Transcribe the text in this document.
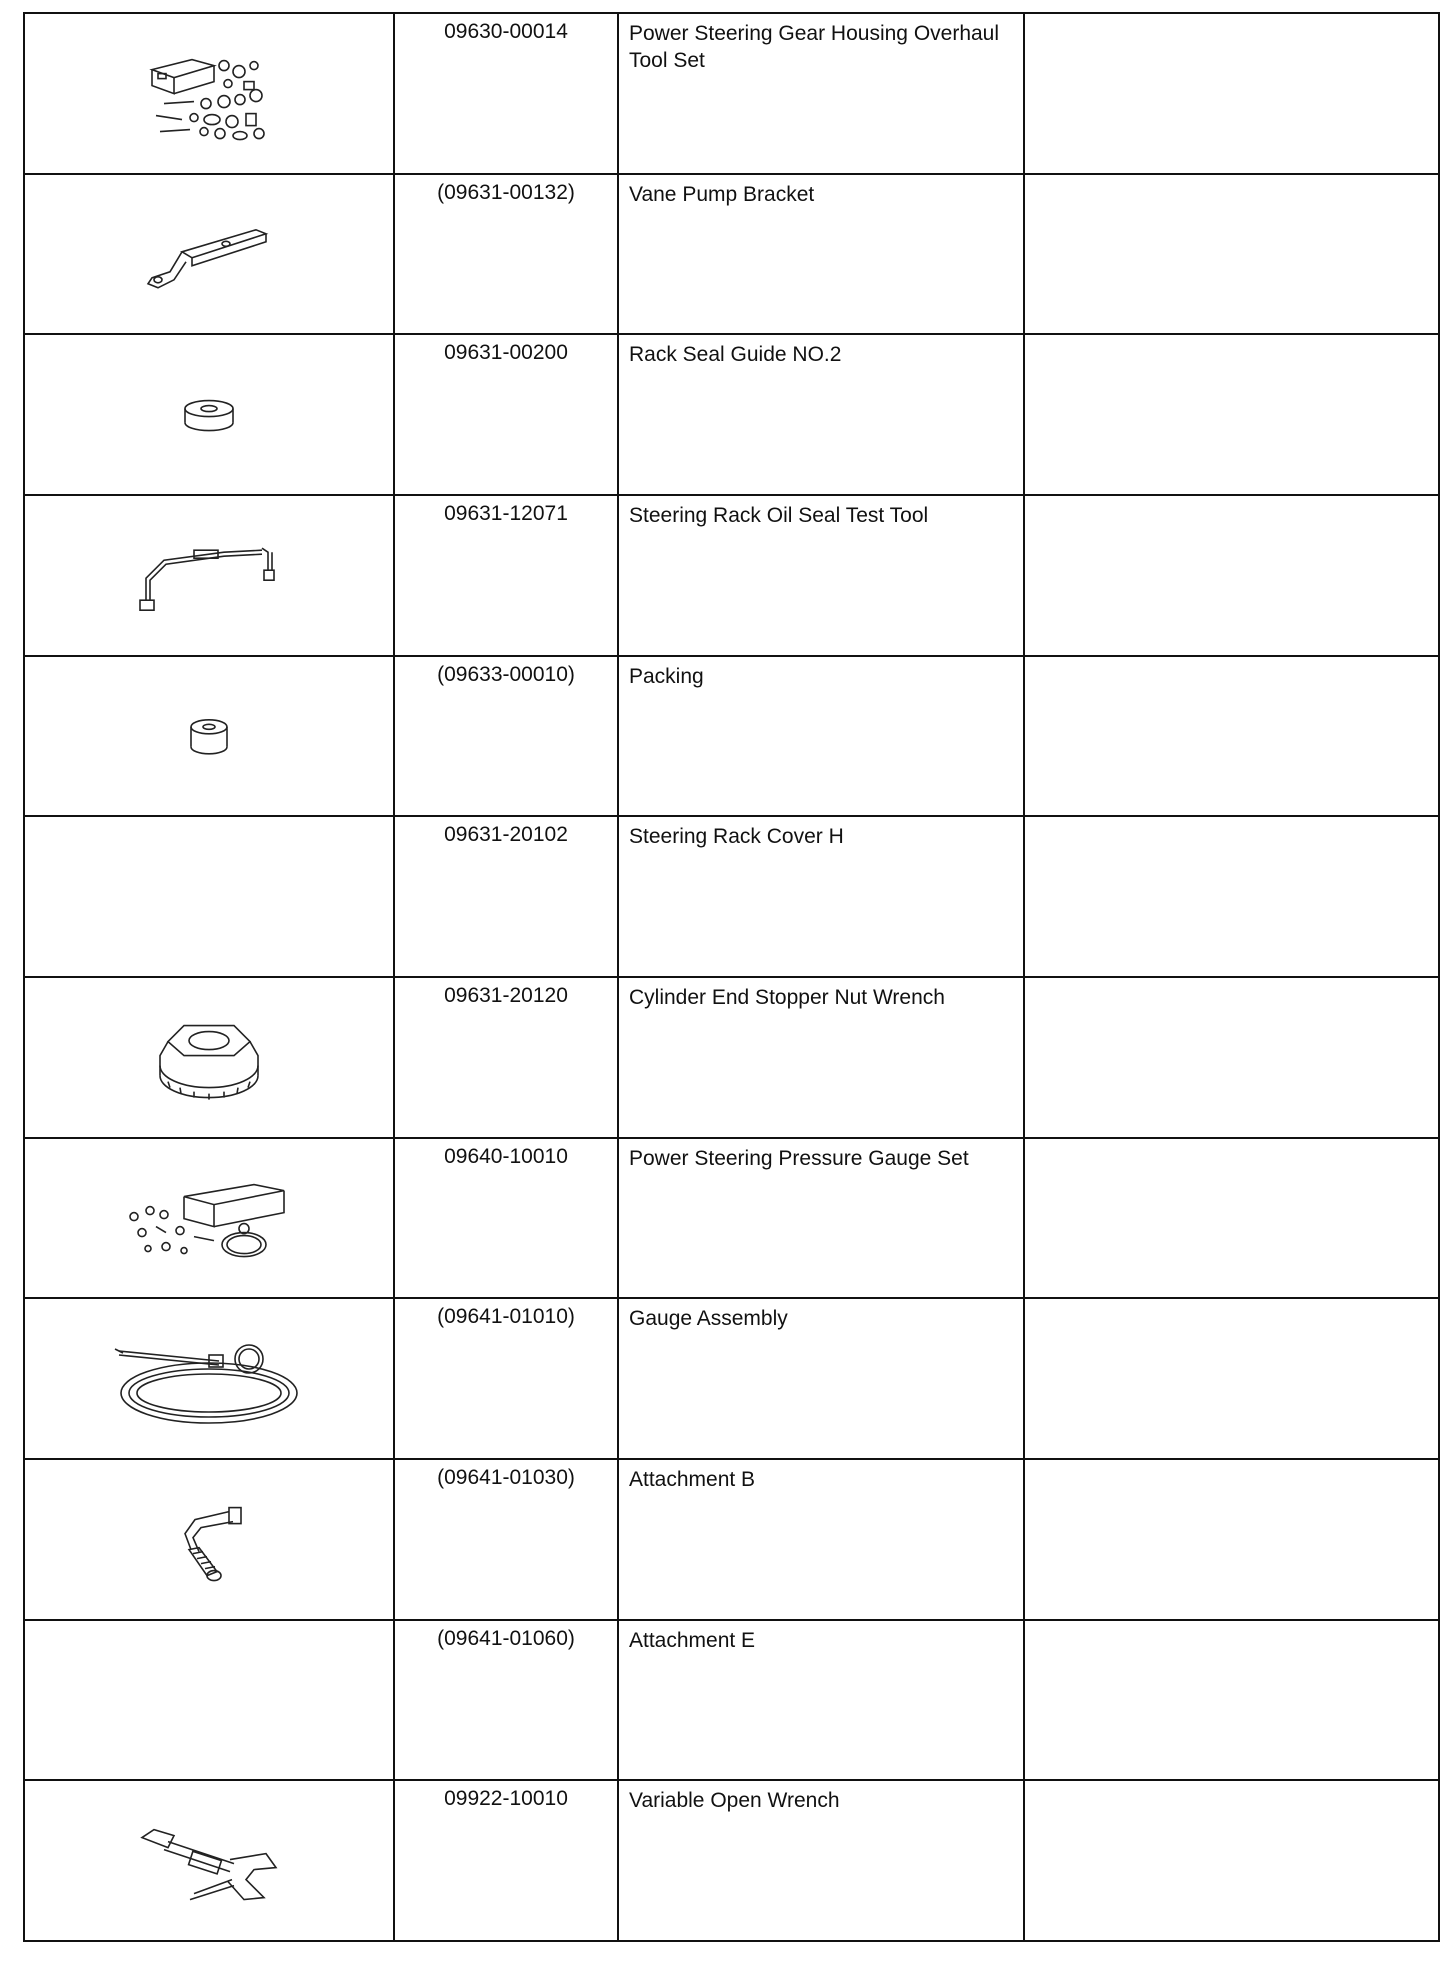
	09630-00014	Power Steering Gear Housing Overhaul Tool Set	

	(09631-00132)	Vane Pump Bracket	

	09631-00200	Rack Seal Guide NO.2	

	09631-12071	Steering Rack Oil Seal Test Tool	

	(09633-00010)	Packing	
	09631-20102	Steering Rack Cover H	

	09631-20120	Cylinder End Stopper Nut Wrench	

	09640-10010	Power Steering Pressure Gauge Set	

	(09641-01010)	Gauge Assembly	

	(09641-01030)	Attachment B	
	(09641-01060)	Attachment E	

	09922-10010	Variable Open Wrench	
